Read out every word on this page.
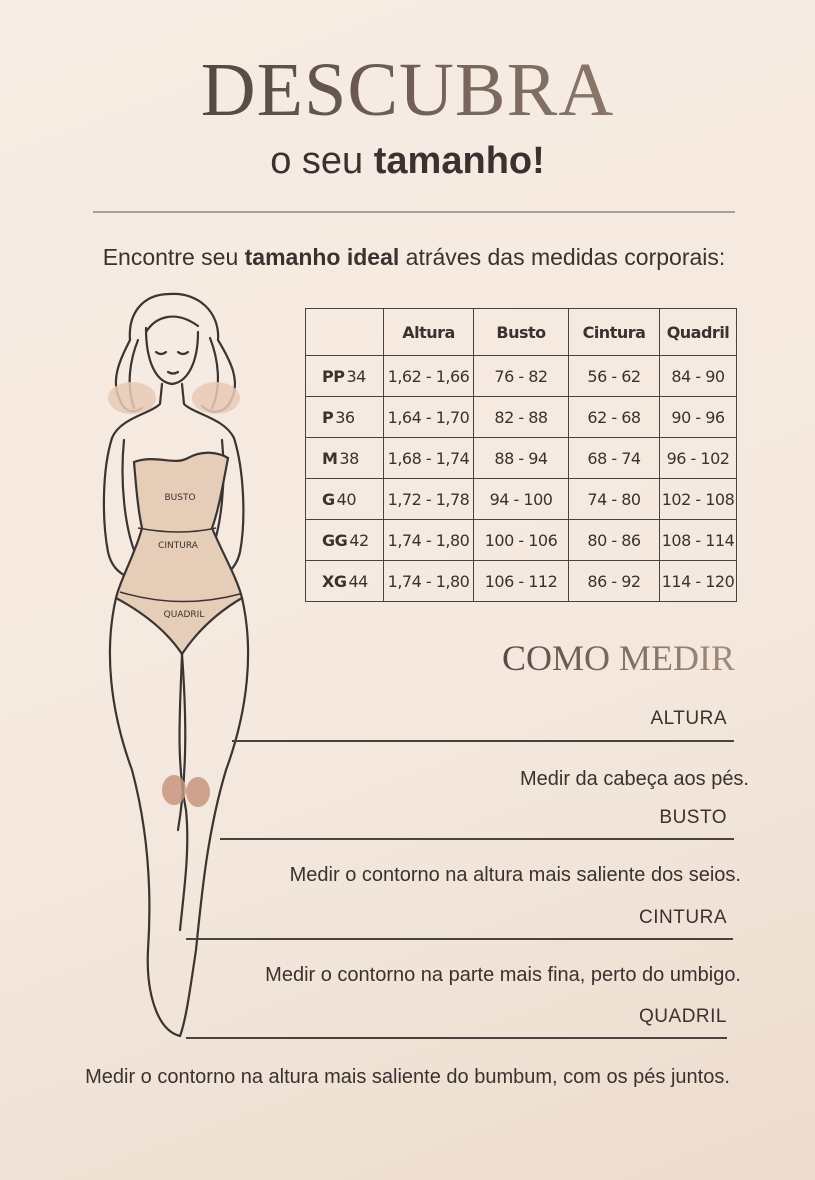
DESCUBRA
o seu tamanho!
Encontre seu tamanho ideal atráves das medidas corporais:
BUSTO
CINTURA
QUADRIL
	Altura	Busto	Cintura	Quadril
PP 34	1,62 - 1,66	76 - 82	56 - 62	84 - 90
P 36	1,64 - 1,70	82 - 88	62 - 68	90 - 96
M 38	1,68 - 1,74	88 - 94	68 - 74	96 - 102
G 40	1,72 - 1,78	94 - 100	74 - 80	102 - 108
GG 42	1,74 - 1,80	100 - 106	80 - 86	108 - 114
XG 44	1,74 - 1,80	106 - 112	86 - 92	114 - 120
COMO MEDIR
ALTURA
Medir da cabeça aos pés.
BUSTO
Medir o contorno na altura mais saliente dos seios.
CINTURA
Medir o contorno na parte mais fina, perto do umbigo.
QUADRIL
Medir o contorno na altura mais saliente do bumbum, com os pés juntos.
